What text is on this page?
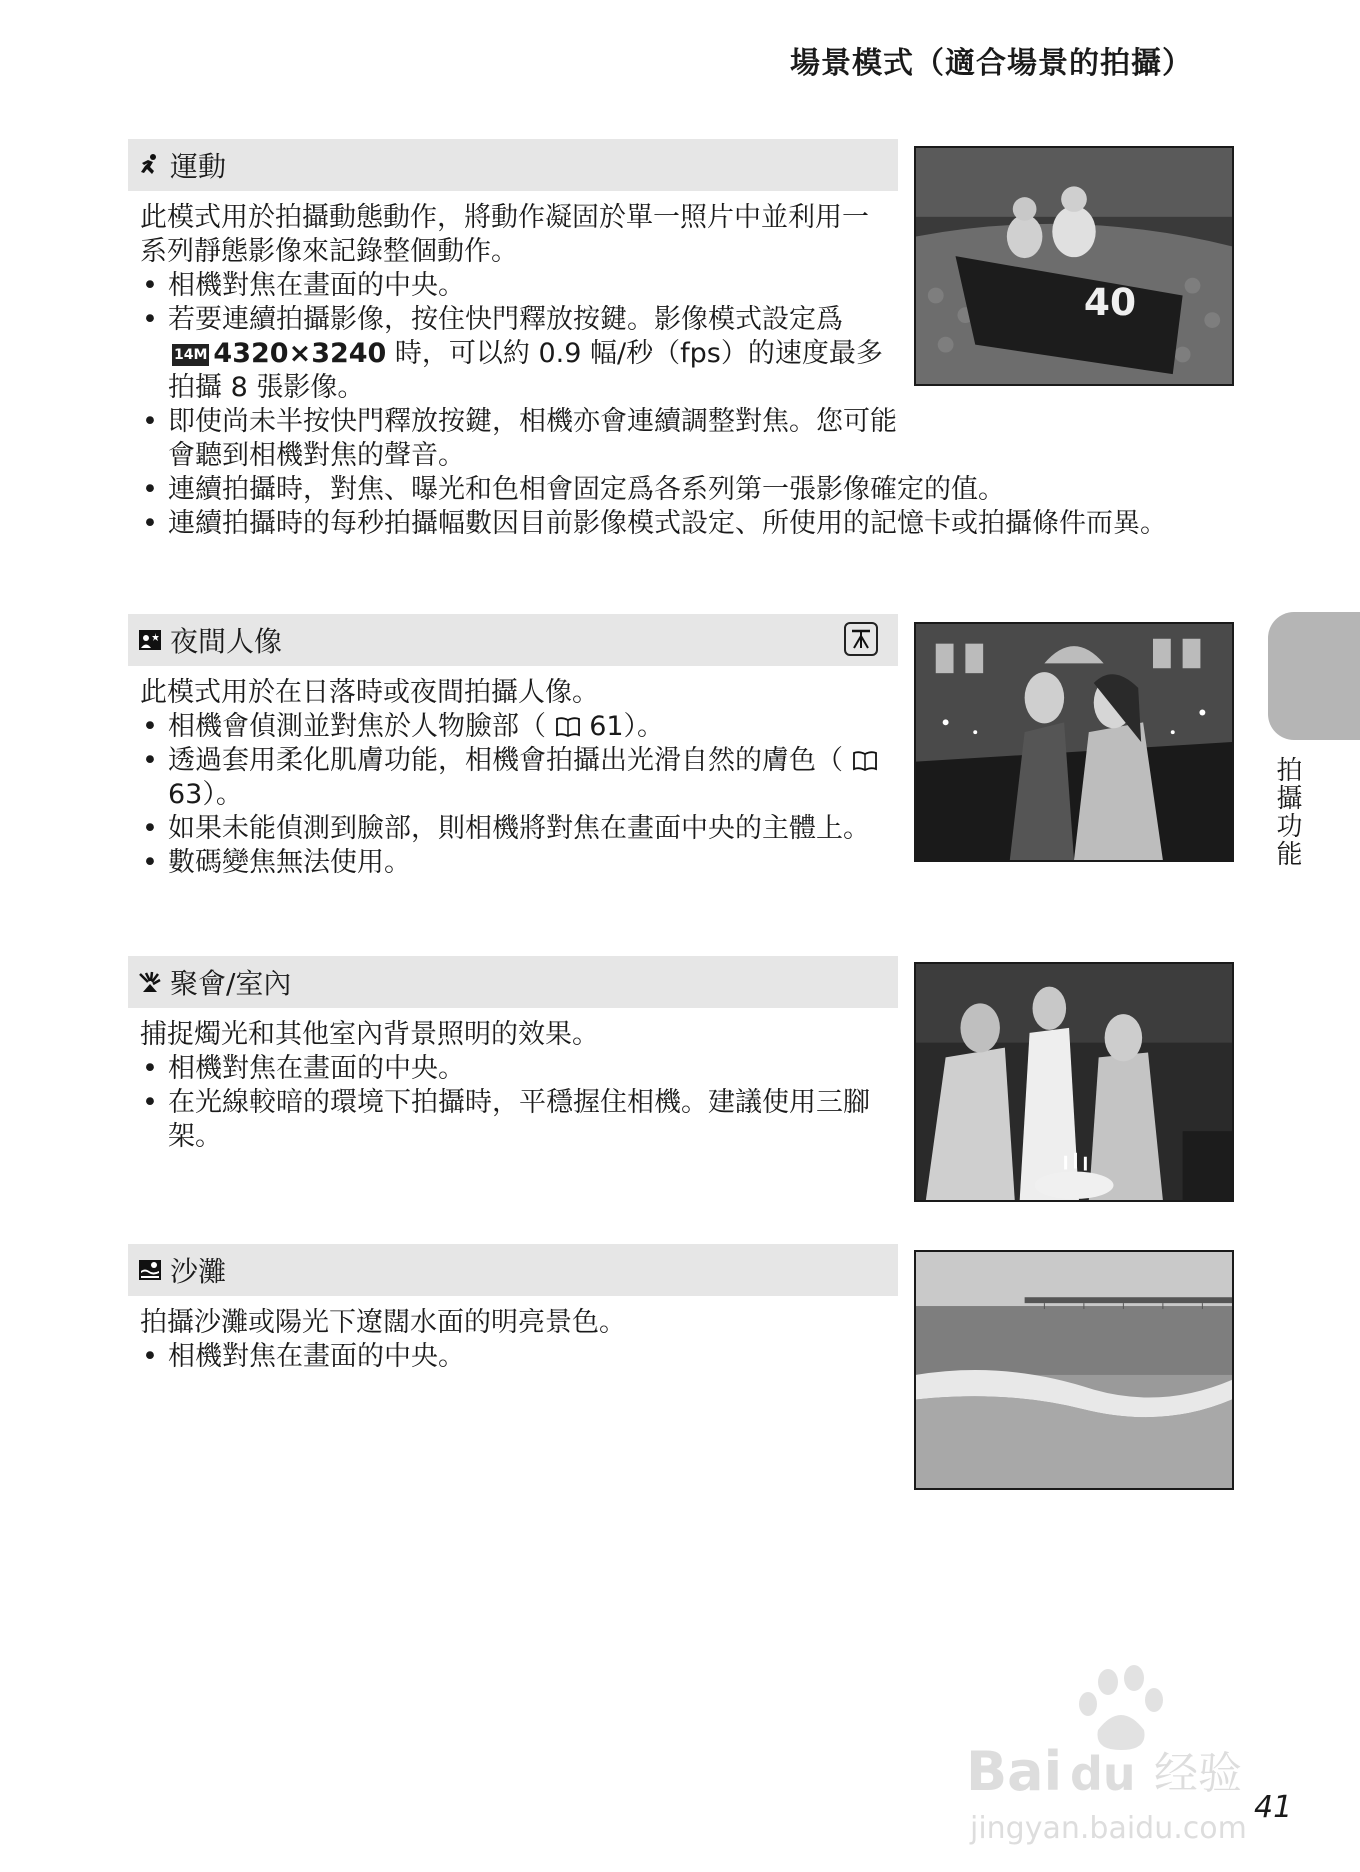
場景模式（適合場景的拍攝）
運動

此模式用於拍攝動態動作，將動作凝固於單一照片中並利用一系列靜態影像來記錄整個動作。

• 相機對焦在畫面的中央。
• 若要連續拍攝影像，按住快門釋放按鍵。影像模式設定爲 14M 4320×3240 時，可以約 0.9 幅/秒（fps）的速度最多拍攝 8 張影像。
• 即使尚未半按快門釋放按鍵，相機亦會連續調整對焦。您可能會聽到相機對焦的聲音。
• 連續拍攝時，對焦、曝光和色相會固定爲各系列第一張影像確定的值。
• 連續拍攝時的每秒拍攝幅數因目前影像模式設定、所使用的記憶卡或拍攝條件而異。
40
夜間人像

此模式用於在日落時或夜間拍攝人像。

• 相機會偵測並對焦於人物臉部（ 61）。
• 透過套用柔化肌膚功能，相機會拍攝出光滑自然的膚色（  63）。
• 如果未能偵測到臉部，則相機將對焦在畫面中央的主體上。
• 數碼變焦無法使用。
聚會/室內

捕捉燭光和其他室內背景照明的效果。

• 相機對焦在畫面的中央。
• 在光線較暗的環境下拍攝時，平穩握住相機。建議使用三腳架。
沙灘

拍攝沙灘或陽光下遼闊水面的明亮景色。

• 相機對焦在畫面的中央。
拍攝功能
Bai du 经验
jingyan.baidu.com
41
